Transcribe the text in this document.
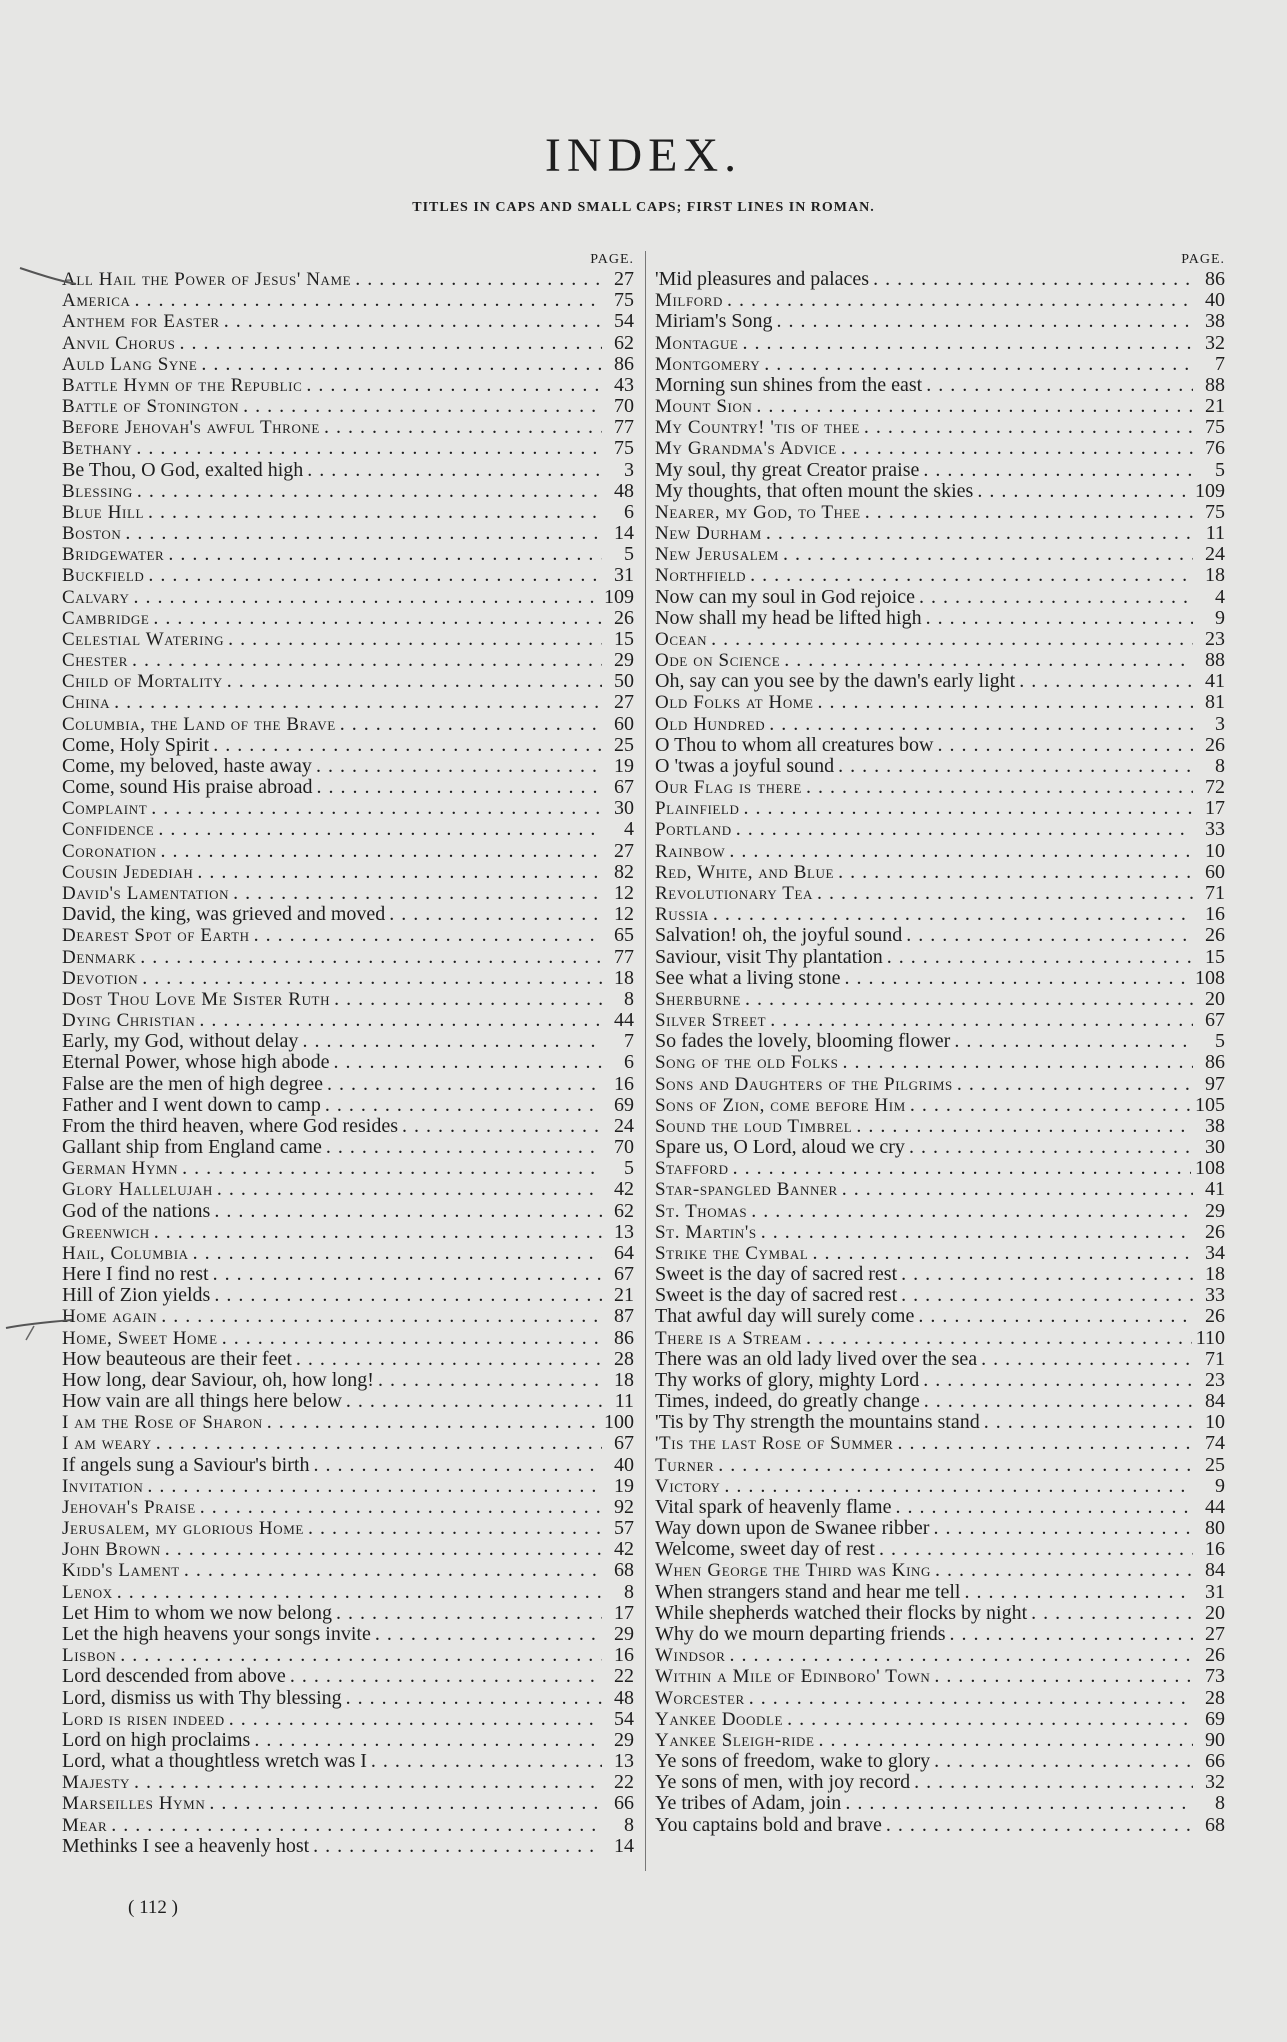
INDEX.
TITLES IN CAPS AND SMALL CAPS; FIRST LINES IN ROMAN.
PAGE.
All Hail the Power of Jesus' Name . . .	27
America . . .	75
Anthem for Easter . . .	54
Anvil Chorus . . .	62
Auld Lang Syne . . .	86
Battle Hymn of the Republic . . .	43
Battle of Stonington . . .	70
Before Jehovah's awful Throne . . .	77
Bethany . . .	75
Be Thou, O God, exalted high . . .	3
Blessing . . .	48
Blue Hill . . .	6
Boston . . .	14
Bridgewater . . .	5
Buckfield . . .	31
Calvary . . .	109
Cambridge . . .	26
Celestial Watering . . .	15
Chester . . .	29
Child of Mortality . . .	50
China . . .	27
Columbia, the Land of the Brave . . .	60
Come, Holy Spirit . . .	25
Come, my beloved, haste away . . .	19
Come, sound His praise abroad . . .	67
Complaint . . .	30
Confidence . . .	4
Coronation . . .	27
Cousin Jedediah . . .	82
David's Lamentation . . .	12
David, the king, was grieved and moved . . .	12
Dearest Spot of Earth . . .	65
Denmark . . .	77
Devotion . . .	18
Dost Thou Love Me Sister Ruth . . .	8
Dying Christian . . .	44
Early, my God, without delay . . .	7
Eternal Power, whose high abode . . .	6
False are the men of high degree . . .	16
Father and I went down to camp . . .	69
From the third heaven, where God resides . . .	24
Gallant ship from England came . . .	70
German Hymn . . .	5
Glory Hallelujah . . .	42
God of the nations . . .	62
Greenwich . . .	13
Hail, Columbia . . .	64
Here I find no rest . . .	67
Hill of Zion yields . . .	21
Home again . . .	87
Home, Sweet Home . . .	86
How beauteous are their feet . . .	28
How long, dear Saviour, oh, how long! . . .	18
How vain are all things here below . . .	11
I am the Rose of Sharon . . .	100
I am weary . . .	67
If angels sung a Saviour's birth . . .	40
Invitation . . .	19
Jehovah's Praise . . .	92
Jerusalem, my glorious Home . . .	57
John Brown . . .	42
Kidd's Lament . . .	68
Lenox . . .	8
Let Him to whom we now belong . . .	17
Let the high heavens your songs invite . . .	29
Lisbon . . .	16
Lord descended from above . . .	22
Lord, dismiss us with Thy blessing . . .	48
Lord is risen indeed . . .	54
Lord on high proclaims . . .	29
Lord, what a thoughtless wretch was I . . .	13
Majesty . . .	22
Marseilles Hymn . . .	66
Mear . . .	8
Methinks I see a heavenly host . . .	14
PAGE.
'Mid pleasures and palaces . . .	86
Milford . . .	40
Miriam's Song . . .	38
Montague . . .	32
Montgomery . . .	7
Morning sun shines from the east . . .	88
Mount Sion . . .	21
My Country! 'tis of thee . . .	75
My Grandma's Advice . . .	76
My soul, thy great Creator praise . . .	5
My thoughts, that often mount the skies . . .	109
Nearer, my God, to Thee . . .	75
New Durham . . .	11
New Jerusalem . . .	24
Northfield . . .	18
Now can my soul in God rejoice . . .	4
Now shall my head be lifted high . . .	9
Ocean . . .	23
Ode on Science . . .	88
Oh, say can you see by the dawn's early light . . .	41
Old Folks at Home . . .	81
Old Hundred . . .	3
O Thou to whom all creatures bow . . .	26
O 'twas a joyful sound . . .	8
Our Flag is there . . .	72
Plainfield . . .	17
Portland . . .	33
Rainbow . . .	10
Red, White, and Blue . . .	60
Revolutionary Tea . . .	71
Russia . . .	16
Salvation! oh, the joyful sound . . .	26
Saviour, visit Thy plantation . . .	15
See what a living stone . . .	108
Sherburne . . .	20
Silver Street . . .	67
So fades the lovely, blooming flower . . .	5
Song of the old Folks . . .	86
Sons and Daughters of the Pilgrims . . .	97
Sons of Zion, come before Him . . .	105
Sound the loud Timbrel . . .	38
Spare us, O Lord, aloud we cry . . .	30
Stafford . . .	108
Star-spangled Banner . . .	41
St. Thomas . . .	29
St. Martin's . . .	26
Strike the Cymbal . . .	34
Sweet is the day of sacred rest . . .	18
Sweet is the day of sacred rest . . .	33
That awful day will surely come . . .	26
There is a Stream . . .	110
There was an old lady lived over the sea . . .	71
Thy works of glory, mighty Lord . . .	23
Times, indeed, do greatly change . . .	84
'Tis by Thy strength the mountains stand . . .	10
'Tis the last Rose of Summer . . .	74
Turner . . .	25
Victory . . .	9
Vital spark of heavenly flame . . .	44
Way down upon de Swanee ribber . . .	80
Welcome, sweet day of rest . . .	16
When George the Third was King . . .	84
When strangers stand and hear me tell . . .	31
While shepherds watched their flocks by night . . .	20
Why do we mourn departing friends . . .	27
Windsor . . .	26
Within a Mile of Edinboro' Town . . .	73
Worcester . . .	28
Yankee Doodle . . .	69
Yankee Sleigh-ride . . .	90
Ye sons of freedom, wake to glory . . .	66
Ye sons of men, with joy record . . .	32
Ye tribes of Adam, join . . .	8
You captains bold and brave . . .	68
( 112 )
